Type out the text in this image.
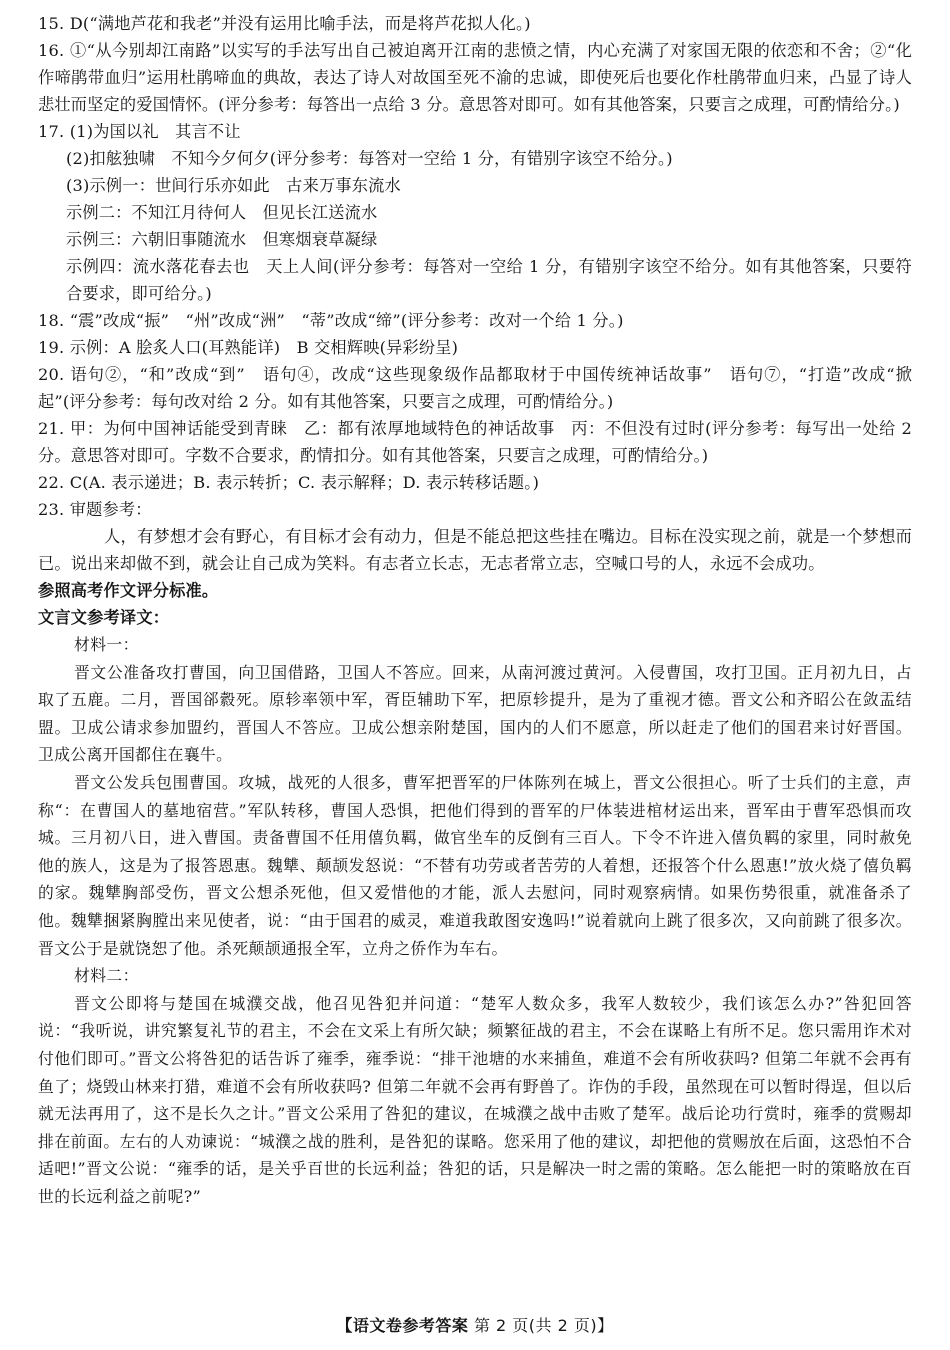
15. D(“满地芦花和我老”并没有运用比喻手法，而是将芦花拟人化。)

16. ①“从今别却江南路”以实写的手法写出自己被迫离开江南的悲愤之情，内心充满了对家国无限的依恋和不舍；②“化作啼鹃带血归”运用杜鹃啼血的典故，表达了诗人对故国至死不渝的忠诚，即使死后也要化作杜鹃带血归来，凸显了诗人悲壮而坚定的爱国情怀。(评分参考：每答出一点给 3 分。意思答对即可。如有其他答案，只要言之成理，可酌情给分。)

17. (1)为国以礼　其言不让

(2)扣舷独啸　不知今夕何夕(评分参考：每答对一空给 1 分，有错别字该空不给分。)

(3)示例一：世间行乐亦如此　古来万事东流水

示例二：不知江月待何人　但见长江送流水

示例三：六朝旧事随流水　但寒烟衰草凝绿

示例四：流水落花春去也　天上人间(评分参考：每答对一空给 1 分，有错别字该空不给分。如有其他答案，只要符合要求，即可给分。)

18. “震”改成“振”　“州”改成“洲”　“蒂”改成“缔”(评分参考：改对一个给 1 分。)

19. 示例：A 脍炙人口(耳熟能详)　B 交相辉映(异彩纷呈)

20. 语句②，“和”改成“到”　语句④，改成“这些现象级作品都取材于中国传统神话故事”　语句⑦，“打造”改成“掀起”(评分参考：每句改对给 2 分。如有其他答案，只要言之成理，可酌情给分。)

21. 甲：为何中国神话能受到青睐　乙：都有浓厚地域特色的神话故事　丙：不但没有过时(评分参考：每写出一处给 2 分。意思答对即可。字数不合要求，酌情扣分。如有其他答案，只要言之成理，可酌情给分。)

22. C(A. 表示递进；B. 表示转折；C. 表示解释；D. 表示转移话题。)

23. 审题参考：

人，有梦想才会有野心，有目标才会有动力，但是不能总把这些挂在嘴边。目标在没实现之前，就是一个梦想而已。说出来却做不到，就会让自己成为笑料。有志者立长志，无志者常立志，空喊口号的人，永远不会成功。

参照高考作文评分标准。

文言文参考译文：

材料一：

晋文公准备攻打曹国，向卫国借路，卫国人不答应。回来，从南河渡过黄河。入侵曹国，攻打卫国。正月初九日，占取了五鹿。二月，晋国郤縠死。原轸率领中军，胥臣辅助下军，把原轸提升，是为了重视才德。晋文公和齐昭公在敛盂结盟。卫成公请求参加盟约，晋国人不答应。卫成公想亲附楚国，国内的人们不愿意，所以赶走了他们的国君来讨好晋国。卫成公离开国都住在襄牛。

晋文公发兵包围曹国。攻城，战死的人很多，曹军把晋军的尸体陈列在城上，晋文公很担心。听了士兵们的主意，声称“：在曹国人的墓地宿营。”军队转移，曹国人恐惧，把他们得到的晋军的尸体装进棺材运出来，晋军由于曹军恐惧而攻城。三月初八日，进入曹国。责备曹国不任用僖负羁，做官坐车的反倒有三百人。下令不许进入僖负羁的家里，同时赦免他的族人，这是为了报答恩惠。魏犨、颠颉发怒说：“不替有功劳或者苦劳的人着想，还报答个什么恩惠!”放火烧了僖负羁的家。魏犨胸部受伤，晋文公想杀死他，但又爱惜他的才能，派人去慰问，同时观察病情。如果伤势很重，就准备杀了他。魏犨捆紧胸膛出来见使者，说：“由于国君的威灵，难道我敢图安逸吗!”说着就向上跳了很多次，又向前跳了很多次。晋文公于是就饶恕了他。杀死颠颉通报全军，立舟之侨作为车右。

材料二：

晋文公即将与楚国在城濮交战，他召见咎犯并问道：“楚军人数众多，我军人数较少，我们该怎么办?”咎犯回答说：“我听说，讲究繁复礼节的君主，不会在文采上有所欠缺；频繁征战的君主，不会在谋略上有所不足。您只需用诈术对付他们即可。”晋文公将咎犯的话告诉了雍季，雍季说：“排干池塘的水来捕鱼，难道不会有所收获吗? 但第二年就不会再有鱼了；烧毁山林来打猎，难道不会有所收获吗? 但第二年就不会再有野兽了。诈伪的手段，虽然现在可以暂时得逞，但以后就无法再用了，这不是长久之计。”晋文公采用了咎犯的建议，在城濮之战中击败了楚军。战后论功行赏时，雍季的赏赐却排在前面。左右的人劝谏说：“城濮之战的胜利，是咎犯的谋略。您采用了他的建议，却把他的赏赐放在后面，这恐怕不合适吧!”晋文公说：“雍季的话，是关乎百世的长远利益；咎犯的话，只是解决一时之需的策略。怎么能把一时的策略放在百世的长远利益之前呢?”

【语文卷参考答案 第 2 页(共 2 页)】
